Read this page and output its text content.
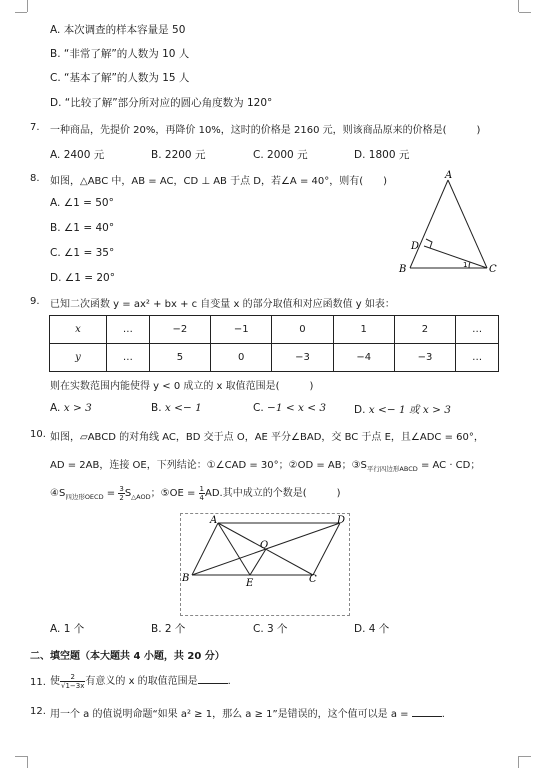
A. 本次调查的样本容量是 50
B. “非常了解”的人数为 10 人
C. “基本了解”的人数为 15 人
D. “比较了解”部分所对应的圆心角度数为 120°
7. 一种商品，先提价 20%，再降价 10%，这时的价格是 2160 元，则该商品原来的价格是(　　　)
A. 2400 元	B. 2200 元	C. 2000 元	D. 1800 元
8. 如图，△ABC 中，AB = AC，CD ⊥ AB 于点 D，若∠A = 40°，则有(　　)
A. ∠1 = 50°
B. ∠1 = 40°
C. ∠1 = 35°
D. ∠1 = 20°
A
B	C
D
1
9. 已知二次函数 y = ax² + bx + c 自变量 x 的部分取值和对应函数值 y 如表：
x	…	−2	−1	0	1	2	…
y	…	5	0	−3	−4	−3	…
则在实数范围内能使得 y < 0 成立的 x 取值范围是(　　　)
A. x > 3	B. x <− 1	C. −1 < x < 3	D. x <− 1 或 x > 3
10. 如图，▱ABCD 的对角线 AC，BD 交于点 O，AE 平分∠BAD，交 BC 于点 E，且∠ADC = 60°，
AD = 2AB，连接 OE，下列结论：①∠CAD = 30°；②OD = AB；$③S_{平行四边形ABCD}$ = AC · CD；
$④S_{四边形OECD} = \frac{3}{2} S_{\triangle AOD}$；⑤OE = $\frac{1}{4}$ AD.其中成立的个数是(　　　)
A	D
B	C
E
O
A. 1 个	B. 2 个	C. 3 个	D. 4 个
二、填空题（本大题共 4 小题，共 20 分）
11. 使 $\frac{2}{√1-3x}$ 有意义的 x 的取值范围是	.
12. 用一个 a 的值说明命题“如果 a² ≥ 1，那么 a ≥ 1”是错误的，这个值可以是 a =	.
